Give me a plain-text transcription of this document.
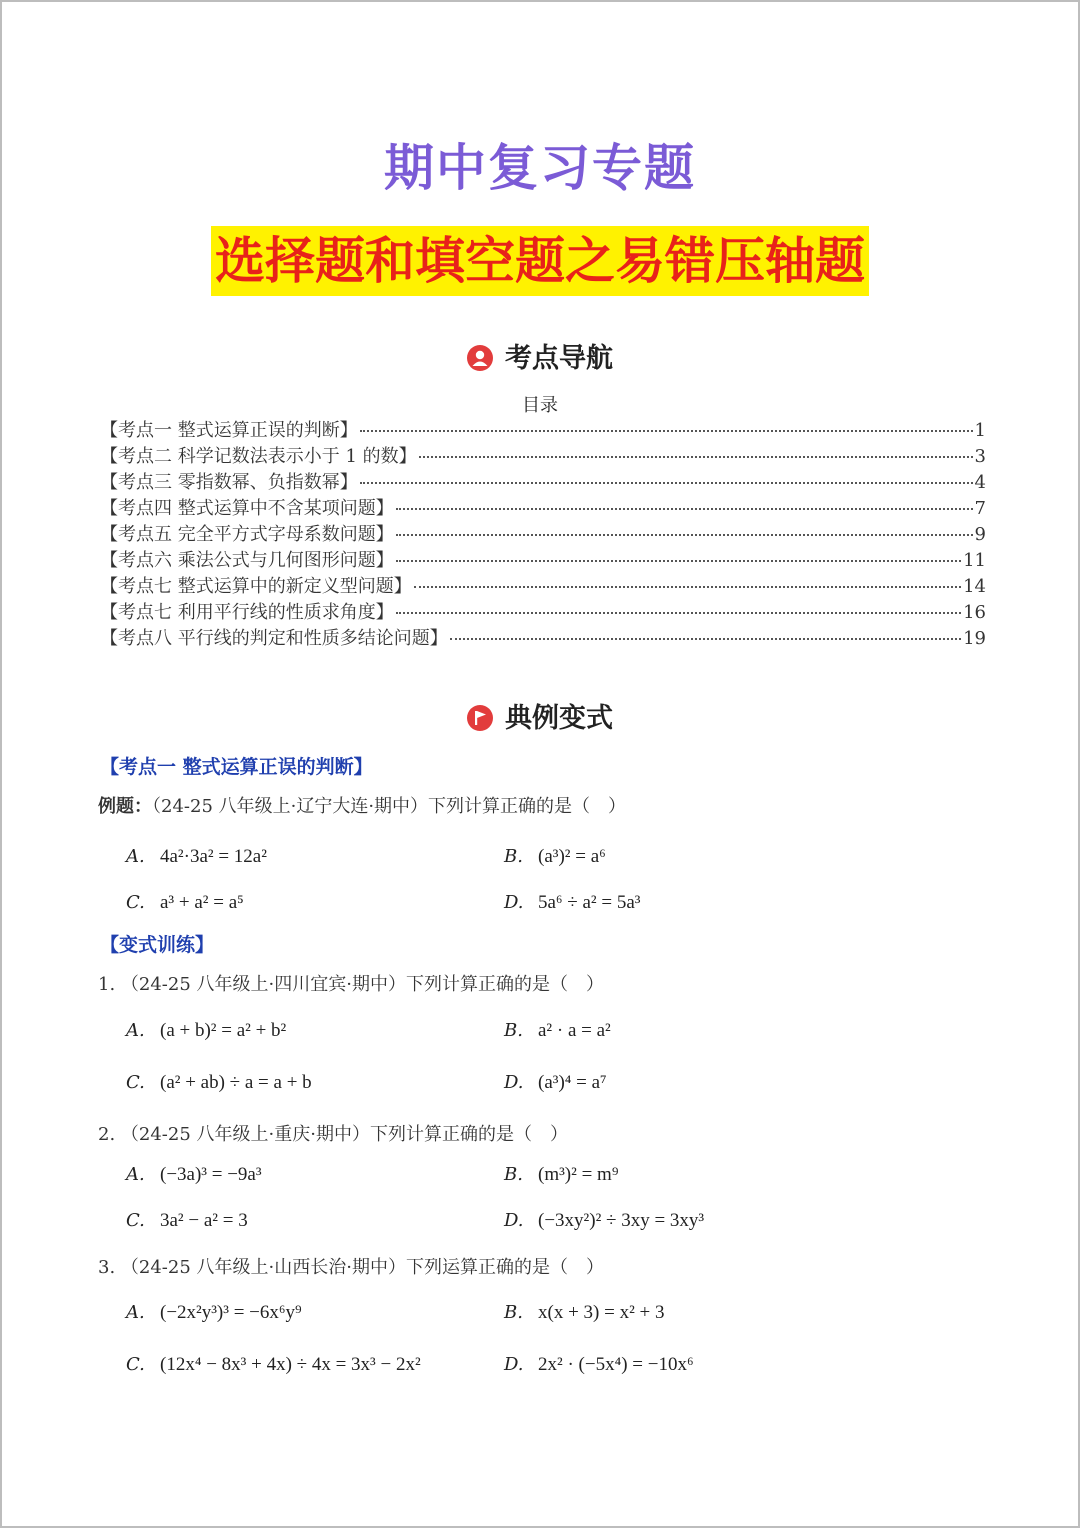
期中复习专题
选择题和填空题之易错压轴题
考点导航
目录
【考点一 整式运算正误的判断】	1
【考点二 科学记数法表示小于 1 的数】	3
【考点三 零指数幂、负指数幂】	4
【考点四 整式运算中不含某项问题】	7
【考点五 完全平方式字母系数问题】	9
【考点六 乘法公式与几何图形问题】	11
【考点七 整式运算中的新定义型问题】	14
【考点七 利用平行线的性质求角度】	16
【考点八 平行线的判定和性质多结论问题】	19
典例变式
【考点一 整式运算正误的判断】
例题：（24-25 八年级上·辽宁大连·期中）下列计算正确的是（　）
A. 4a²·3a² = 12a²	B. (a³)² = a⁶
C. a³ + a² = a⁵	D. 5a⁶ ÷ a² = 5a³
【变式训练】
1. （24-25 八年级上·四川宜宾·期中）下列计算正确的是（　）
A. (a + b)² = a² + b²	B. a² · a = a²
C. (a² + ab) ÷ a = a + b	D. (a³)⁴ = a⁷
2. （24-25 八年级上·重庆·期中）下列计算正确的是（　）
A. (−3a)³ = −9a³	B. (m³)² = m⁹
C. 3a² − a² = 3	D. (−3xy²)² ÷ 3xy = 3xy³
3. （24-25 八年级上·山西长治·期中）下列运算正确的是（　）
A. (−2x²y³)³ = −6x⁶y⁹	B. x(x + 3) = x² + 3
C. (12x⁴ − 8x³ + 4x) ÷ 4x = 3x³ − 2x²	D. 2x² · (−5x⁴) = −10x⁶
